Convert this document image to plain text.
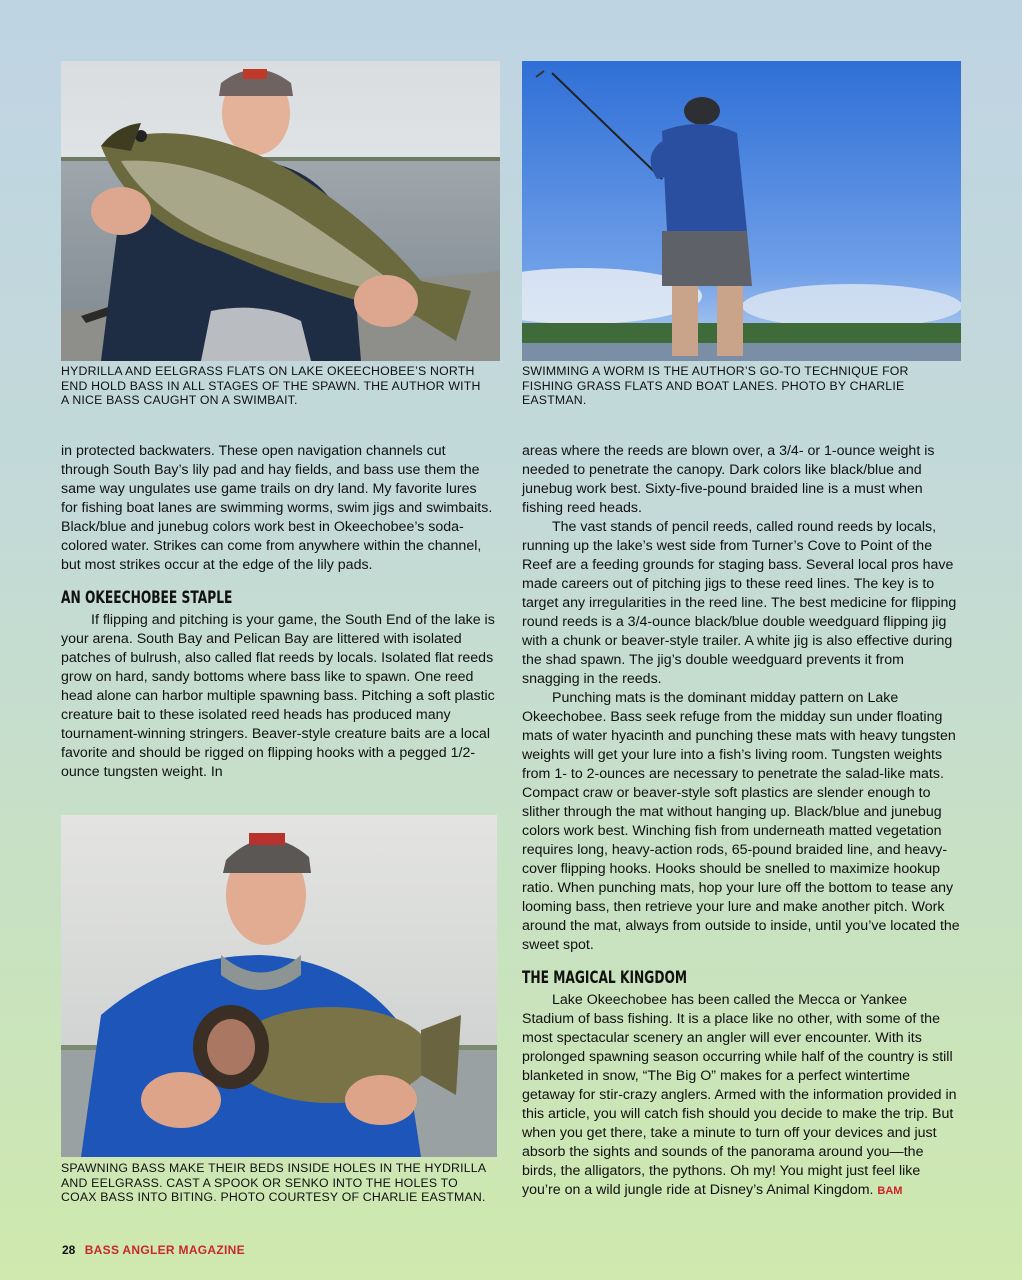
HYDRILLA AND EELGRASS FLATS ON LAKE OKEECHOBEE’S NORTH END HOLD BASS IN ALL STAGES OF THE SPAWN. THE AUTHOR WITH A NICE BASS CAUGHT ON A SWIMBAIT.
SWIMMING A WORM IS THE AUTHOR’S GO-TO TECHNIQUE FOR FISHING GRASS FLATS AND BOAT LANES. PHOTO BY CHARLIE EASTMAN.

in protected backwaters. These open navigation channels cut through South Bay’s lily pad and hay fields, and bass use them the same way ungulates use game trails on dry land. My favorite lures for fishing boat lanes are swimming worms, swim jigs and swimbaits. Black/blue and junebug colors work best in Okeechobee’s soda-colored water. Strikes can come from anywhere within the channel, but most strikes occur at the edge of the lily pads.

AN OKEECHOBEE STAPLE

If flipping and pitching is your game, the South End of the lake is your arena. South Bay and Pelican Bay are littered with isolated patches of bulrush, also called flat reeds by locals. Isolated flat reeds grow on hard, sandy bottoms where bass like to spawn. One reed head alone can harbor multiple spawning bass. Pitching a soft plastic creature bait to these isolated reed heads has produced many tournament-winning stringers. Beaver-style creature baits are a local favorite and should be rigged on flipping hooks with a pegged 1/2-ounce tungsten weight. In

SPAWNING BASS MAKE THEIR BEDS INSIDE HOLES IN THE HYDRILLA AND EELGRASS. CAST A SPOOK OR SENKO INTO THE HOLES TO COAX BASS INTO BITING. PHOTO COURTESY OF CHARLIE EASTMAN.

areas where the reeds are blown over, a 3/4- or 1-ounce weight is needed to penetrate the canopy. Dark colors like black/blue and junebug work best. Sixty-five-pound braided line is a must when fishing reed heads.

The vast stands of pencil reeds, called round reeds by locals, running up the lake’s west side from Turner’s Cove to Point of the Reef are a feeding grounds for staging bass. Several local pros have made careers out of pitching jigs to these reed lines. The key is to target any irregularities in the reed line. The best medicine for flipping round reeds is a 3/4-ounce black/blue double weedguard flipping jig with a chunk or beaver-style trailer. A white jig is also effective during the shad spawn. The jig’s double weedguard prevents it from snagging in the reeds.

Punching mats is the dominant midday pattern on Lake Okeechobee. Bass seek refuge from the midday sun under floating mats of water hyacinth and punching these mats with heavy tungsten weights will get your lure into a fish’s living room. Tungsten weights from 1- to 2-ounces are necessary to penetrate the salad-like mats. Compact craw or beaver-style soft plastics are slender enough to slither through the mat without hanging up. Black/blue and junebug colors work best. Winching fish from underneath matted vegetation requires long, heavy-action rods, 65-pound braided line, and heavy-cover flipping hooks. Hooks should be snelled to maximize hookup ratio. When punching mats, hop your lure off the bottom to tease any looming bass, then retrieve your lure and make another pitch. Work around the mat, always from outside to inside, until you’ve located the sweet spot.

THE MAGICAL KINGDOM

Lake Okeechobee has been called the Mecca or Yankee Stadium of bass fishing. It is a place like no other, with some of the most spectacular scenery an angler will ever encounter. With its prolonged spawning season occurring while half of the country is still blanketed in snow, “The Big O” makes for a perfect wintertime getaway for stir-crazy anglers. Armed with the information provided in this article, you will catch fish should you decide to make the trip. But when you get there, take a minute to turn off your devices and just absorb the sights and sounds of the panorama around you—the birds, the alligators, the pythons. Oh my! You might just feel like you’re on a wild jungle ride at Disney’s Animal Kingdom. BAM

28 BASS ANGLER MAGAZINE
